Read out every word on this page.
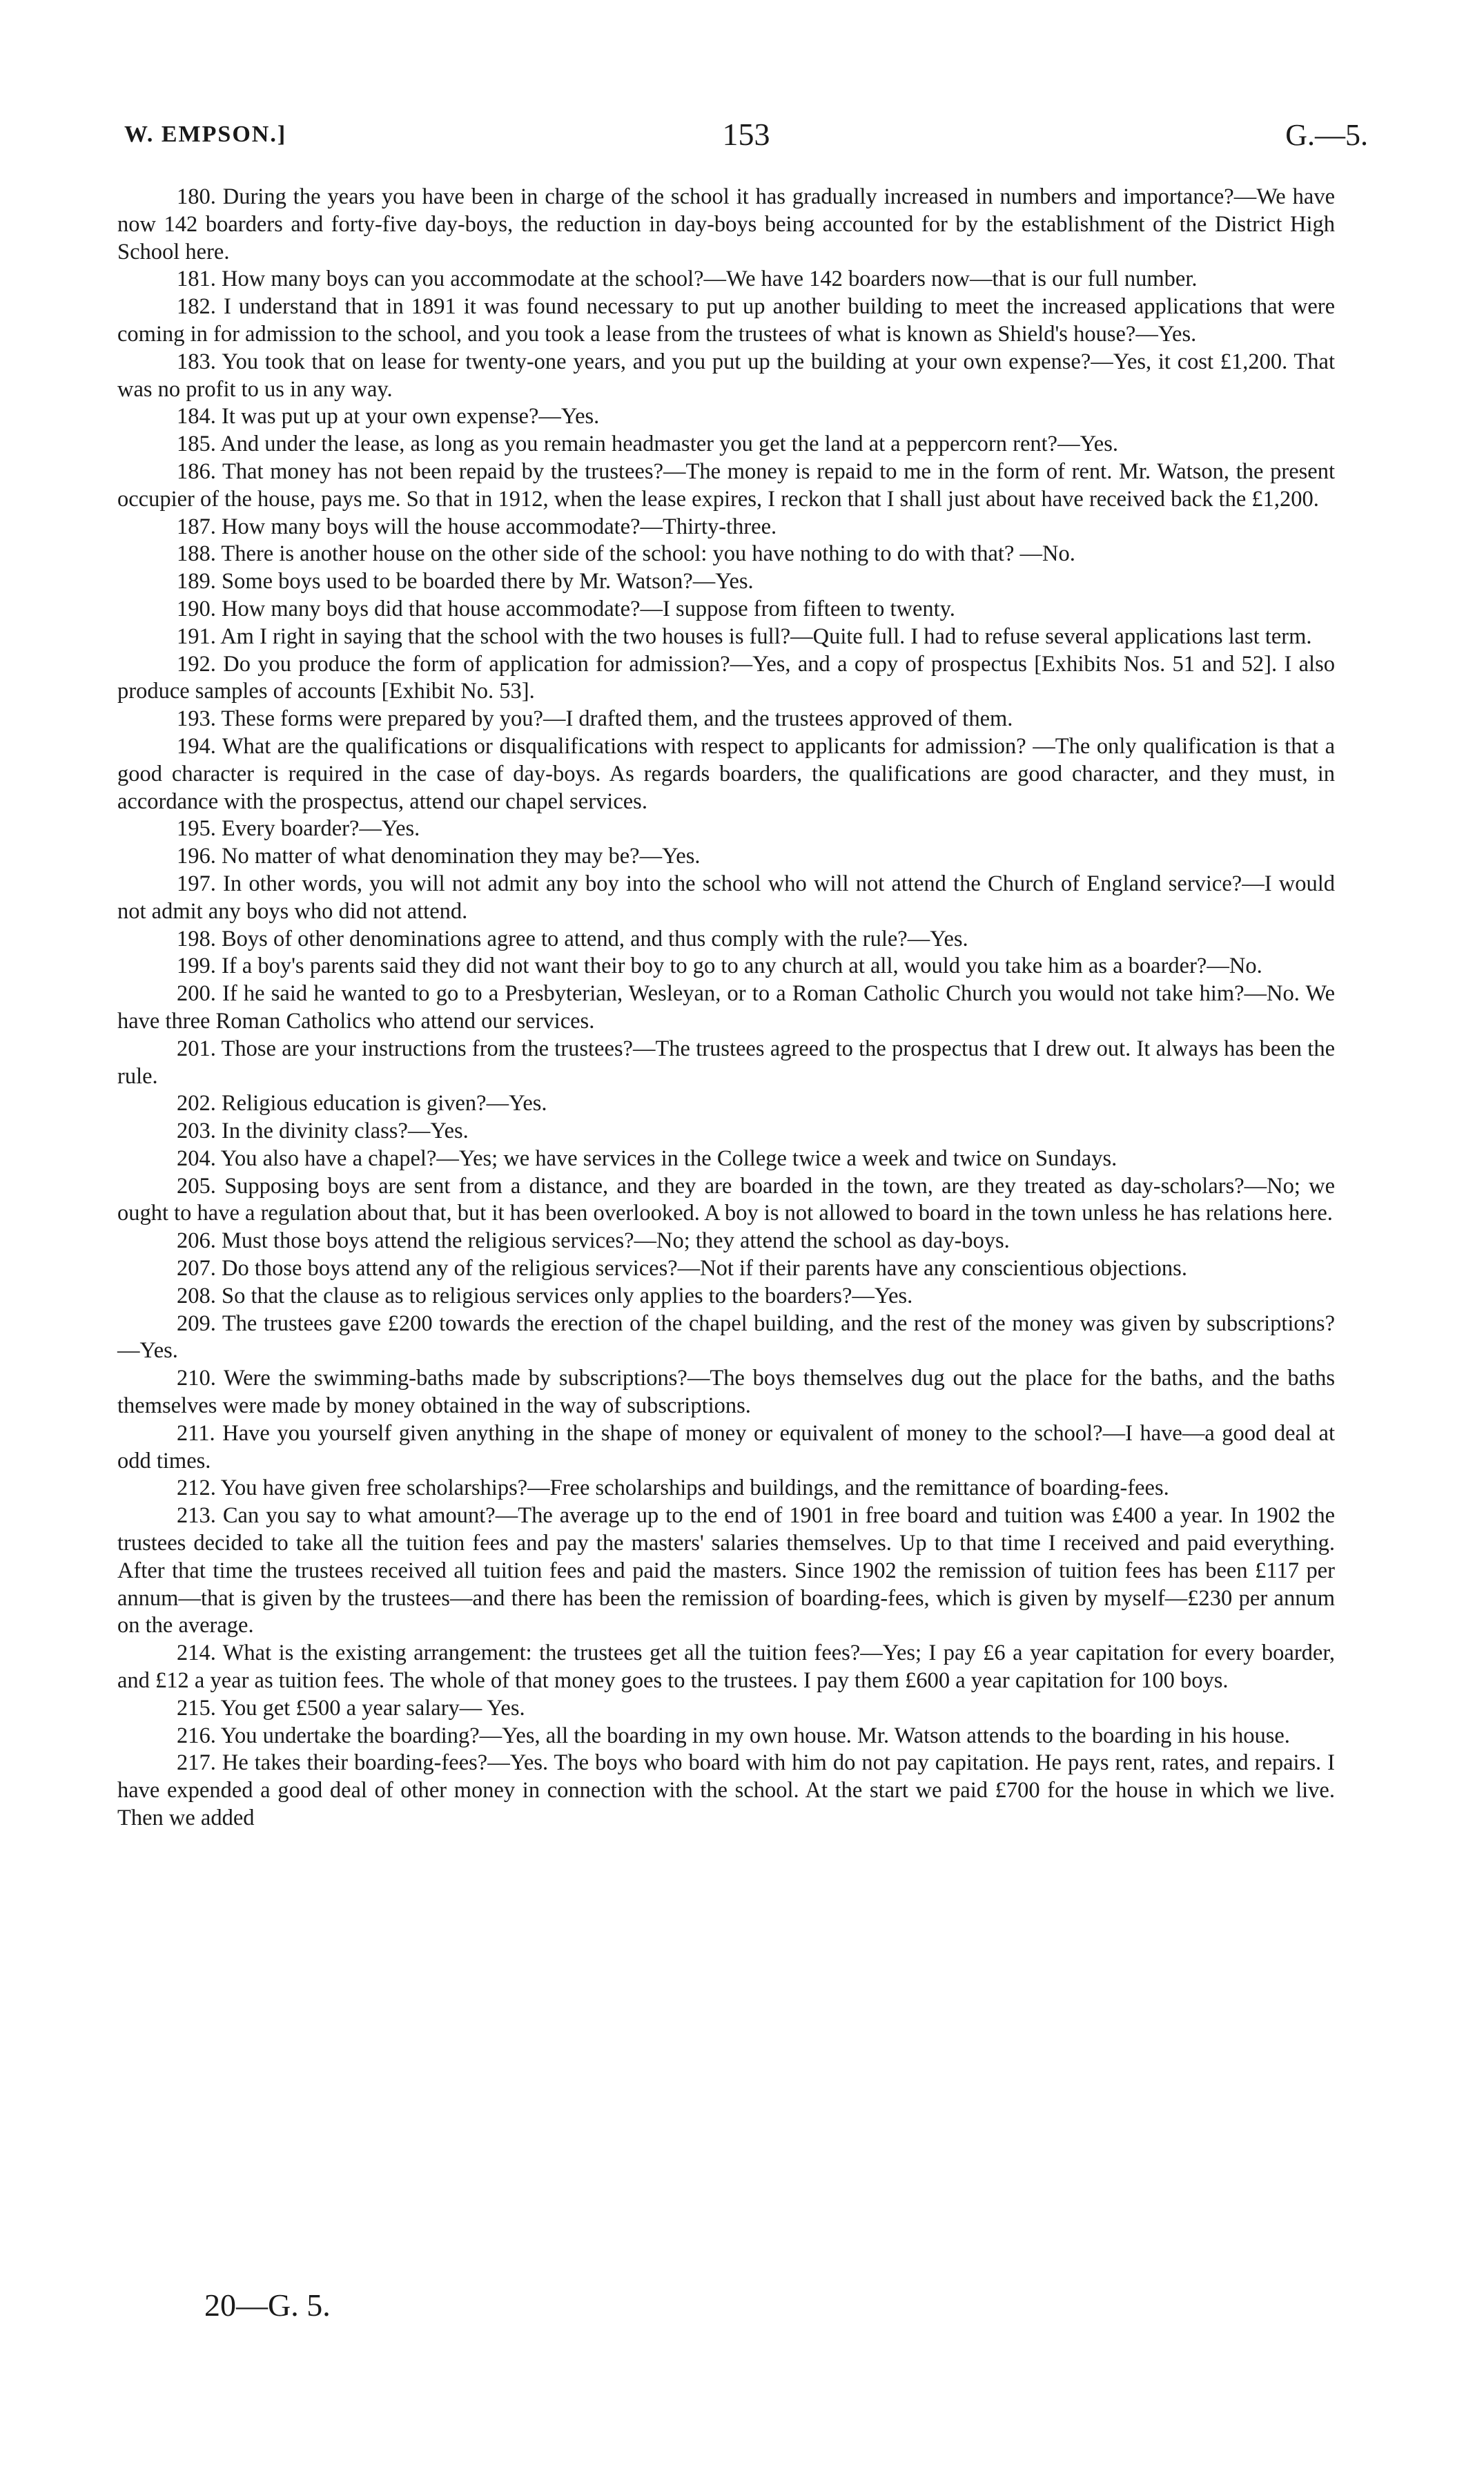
W. EMPSON.]	153	G.—5.

180. During the years you have been in charge of the school it has gradually increased in numbers and importance?—We have now 142 boarders and forty-five day-boys, the reduction in day-boys being accounted for by the establishment of the District High School here.

181. How many boys can you accommodate at the school?—We have 142 boarders now—that is our full number.

182. I understand that in 1891 it was found necessary to put up another building to meet the increased applications that were coming in for admission to the school, and you took a lease from the trustees of what is known as Shield's house?—Yes.

183. You took that on lease for twenty-one years, and you put up the building at your own expense?—Yes, it cost £1,200. That was no profit to us in any way.

184. It was put up at your own expense?—Yes.

185. And under the lease, as long as you remain headmaster you get the land at a peppercorn rent?—Yes.

186. That money has not been repaid by the trustees?—The money is repaid to me in the form of rent. Mr. Watson, the present occupier of the house, pays me. So that in 1912, when the lease expires, I reckon that I shall just about have received back the £1,200.

187. How many boys will the house accommodate?—Thirty-three.

188. There is another house on the other side of the school: you have nothing to do with that? —No.

189. Some boys used to be boarded there by Mr. Watson?—Yes.

190. How many boys did that house accommodate?—I suppose from fifteen to twenty.

191. Am I right in saying that the school with the two houses is full?—Quite full. I had to refuse several applications last term.

192. Do you produce the form of application for admission?—Yes, and a copy of prospectus [Exhibits Nos. 51 and 52]. I also produce samples of accounts [Exhibit No. 53].

193. These forms were prepared by you?—I drafted them, and the trustees approved of them.

194. What are the qualifications or disqualifications with respect to applicants for admission? —The only qualification is that a good character is required in the case of day-boys. As regards boarders, the qualifications are good character, and they must, in accordance with the prospectus, attend our chapel services.

195. Every boarder?—Yes.

196. No matter of what denomination they may be?—Yes.

197. In other words, you will not admit any boy into the school who will not attend the Church of England service?—I would not admit any boys who did not attend.

198. Boys of other denominations agree to attend, and thus comply with the rule?—Yes.

199. If a boy's parents said they did not want their boy to go to any church at all, would you take him as a boarder?—No.

200. If he said he wanted to go to a Presbyterian, Wesleyan, or to a Roman Catholic Church you would not take him?—No. We have three Roman Catholics who attend our services.

201. Those are your instructions from the trustees?—The trustees agreed to the prospectus that I drew out. It always has been the rule.

202. Religious education is given?—Yes.

203. In the divinity class?—Yes.

204. You also have a chapel?—Yes; we have services in the College twice a week and twice on Sundays.

205. Supposing boys are sent from a distance, and they are boarded in the town, are they treated as day-scholars?—No; we ought to have a regulation about that, but it has been overlooked. A boy is not allowed to board in the town unless he has relations here.

206. Must those boys attend the religious services?—No; they attend the school as day-boys.

207. Do those boys attend any of the religious services?—Not if their parents have any conscientious objections.

208. So that the clause as to religious services only applies to the boarders?—Yes.

209. The trustees gave £200 towards the erection of the chapel building, and the rest of the money was given by subscriptions?—Yes.

210. Were the swimming-baths made by subscriptions?—The boys themselves dug out the place for the baths, and the baths themselves were made by money obtained in the way of subscriptions.

211. Have you yourself given anything in the shape of money or equivalent of money to the school?—I have—a good deal at odd times.

212. You have given free scholarships?—Free scholarships and buildings, and the remittance of boarding-fees.

213. Can you say to what amount?—The average up to the end of 1901 in free board and tuition was £400 a year. In 1902 the trustees decided to take all the tuition fees and pay the masters' salaries themselves. Up to that time I received and paid everything. After that time the trustees received all tuition fees and paid the masters. Since 1902 the remission of tuition fees has been £117 per annum—that is given by the trustees—and there has been the remission of boarding-fees, which is given by myself—£230 per annum on the average.

214. What is the existing arrangement: the trustees get all the tuition fees?—Yes; I pay £6 a year capitation for every boarder, and £12 a year as tuition fees. The whole of that money goes to the trustees. I pay them £600 a year capitation for 100 boys.

215. You get £500 a year salary— Yes.

216. You undertake the boarding?—Yes, all the boarding in my own house. Mr. Watson attends to the boarding in his house.

217. He takes their boarding-fees?—Yes. The boys who board with him do not pay capitation. He pays rent, rates, and repairs. I have expended a good deal of other money in connection with the school. At the start we paid £700 for the house in which we live. Then we added

20—G. 5.
